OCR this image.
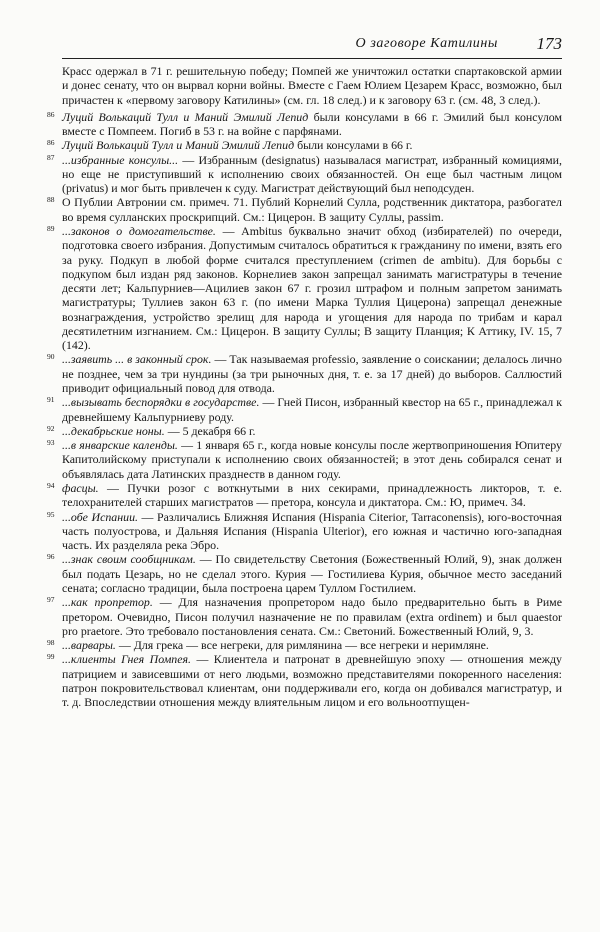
О заговоре Катилины 173
Красс одержал в 71 г. решительную победу; Помпей же уничтожил остатки спартаковской армии и донес сенату, что он вырвал корни войны. Вместе с Гаем Юлием Цезарем Красс, возможно, был причастен к «первому заговору Катилины» (см. гл. 18 след.) и к заговору 63 г. (см. 48, 3 след.).
86 Луций Волькаций Тулл и Маний Эмилий Лепид были консулами в 66 г. Эмилий был консулом вместе с Помпеем. Погиб в 53 г. на войне с парфянами.
86 Луций Волькаций Тулл и Маний Эмилий Лепид были консулами в 66 г.
87 ...избранные консулы... — Избранным (designatus) называлася магистрат, избранный комициями, но еще не приступивший к исполнению своих обязанностей. Он еще был частным лицом (privatus) и мог быть привлечен к суду. Магистрат действующий был неподсуден.
88 О Публии Автронии см. примеч. 71. Публий Корнелий Сулла, родственник диктатора, разбогател во время сулланских проскрипций. См.: Цицерон. В защиту Суллы, passim.
89 ...законов о домогательстве. — Ambitus буквально значит обход (избирателей) по очереди, подготовка своего избрания. Допустимым считалось обратиться к гражданину по имени, взять его за руку. Подкуп в любой форме считался преступлением (crimen de ambitu). Для борьбы с подкупом был издан ряд законов. Корнелиев закон запрещал занимать магистратуры в течение десяти лет; Кальпурниев—Ацилиев закон 67 г. грозил штрафом и полным запретом занимать магистратуры; Туллиев закон 63 г. (по имени Марка Туллия Цицерона) запрещал денежные вознаграждения, устройство зрелищ для народа и угощения для народа по трибам и карал десятилетним изгнанием. См.: Цицерон. В защиту Суллы; В защиту Планция; К Аттику, IV. 15, 7 (142).
90 ...заявить ... в законный срок. — Так называемая professio, заявление о соискании; делалось лично не позднее, чем за три нундины (за три рыночных дня, т. е. за 17 дней) до выборов. Саллюстий приводит официальный повод для отвода.
91 ...вызывать беспорядки в государстве. — Гней Писон, избранный квестор на 65 г., принадлежал к древнейшему Кальпурниеву роду.
92 ...декабрьские ноны. — 5 декабря 66 г.
93 ...в январские календы. — 1 января 65 г., когда новые консулы после жертвоприношения Юпитеру Капитолийскому приступали к исполнению своих обязанностей; в этот день собирался сенат и объявлялась дата Латинских празднеств в данном году.
94 фасцы. — Пучки розог с воткнутыми в них секирами, принадлежность ликторов, т. е. телохранителей старших магистратов — претора, консула и диктатора. См.: Ю, примеч. 34.
95 ...обе Испании. — Различались Ближняя Испания (Hispania Citerior, Tarraconensis), юго-восточная часть полуострова, и Дальняя Испания (Hispania Ulterior), его южная и частично юго-западная часть. Их разделяла река Эбро.
96 ...знак своим сообщникам. — По свидетельству Светония (Божественный Юлий, 9), знак должен был подать Цезарь, но не сделал этого. Курия — Гостилиева Курия, обычное место заседаний сената; согласно традиции, была построена царем Туллом Гостилием.
97 ...как пропретор. — Для назначения пропретором надо было предварительно быть в Риме претором. Очевидно, Писон получил назначение не по правилам (extra ordinem) и был quaestor pro praetore. Это требовало постановления сената. См.: Светоний. Божественный Юлий, 9, 3.
98 ...варвары. — Для грека — все негреки, для римлянина — все негреки и неримляне.
99 ...клиенты Гнея Помпея. — Клиентела и патронат в древнейшую эпоху — отношения между патрицием и зависевшими от него людьми, возможно представителями покоренного населения: патрон покровительствовал клиентам, они поддерживали его, когда он добивался магистратур, и т. д. Впоследствии отношения между влиятельным лицом и его вольноотпущен-
